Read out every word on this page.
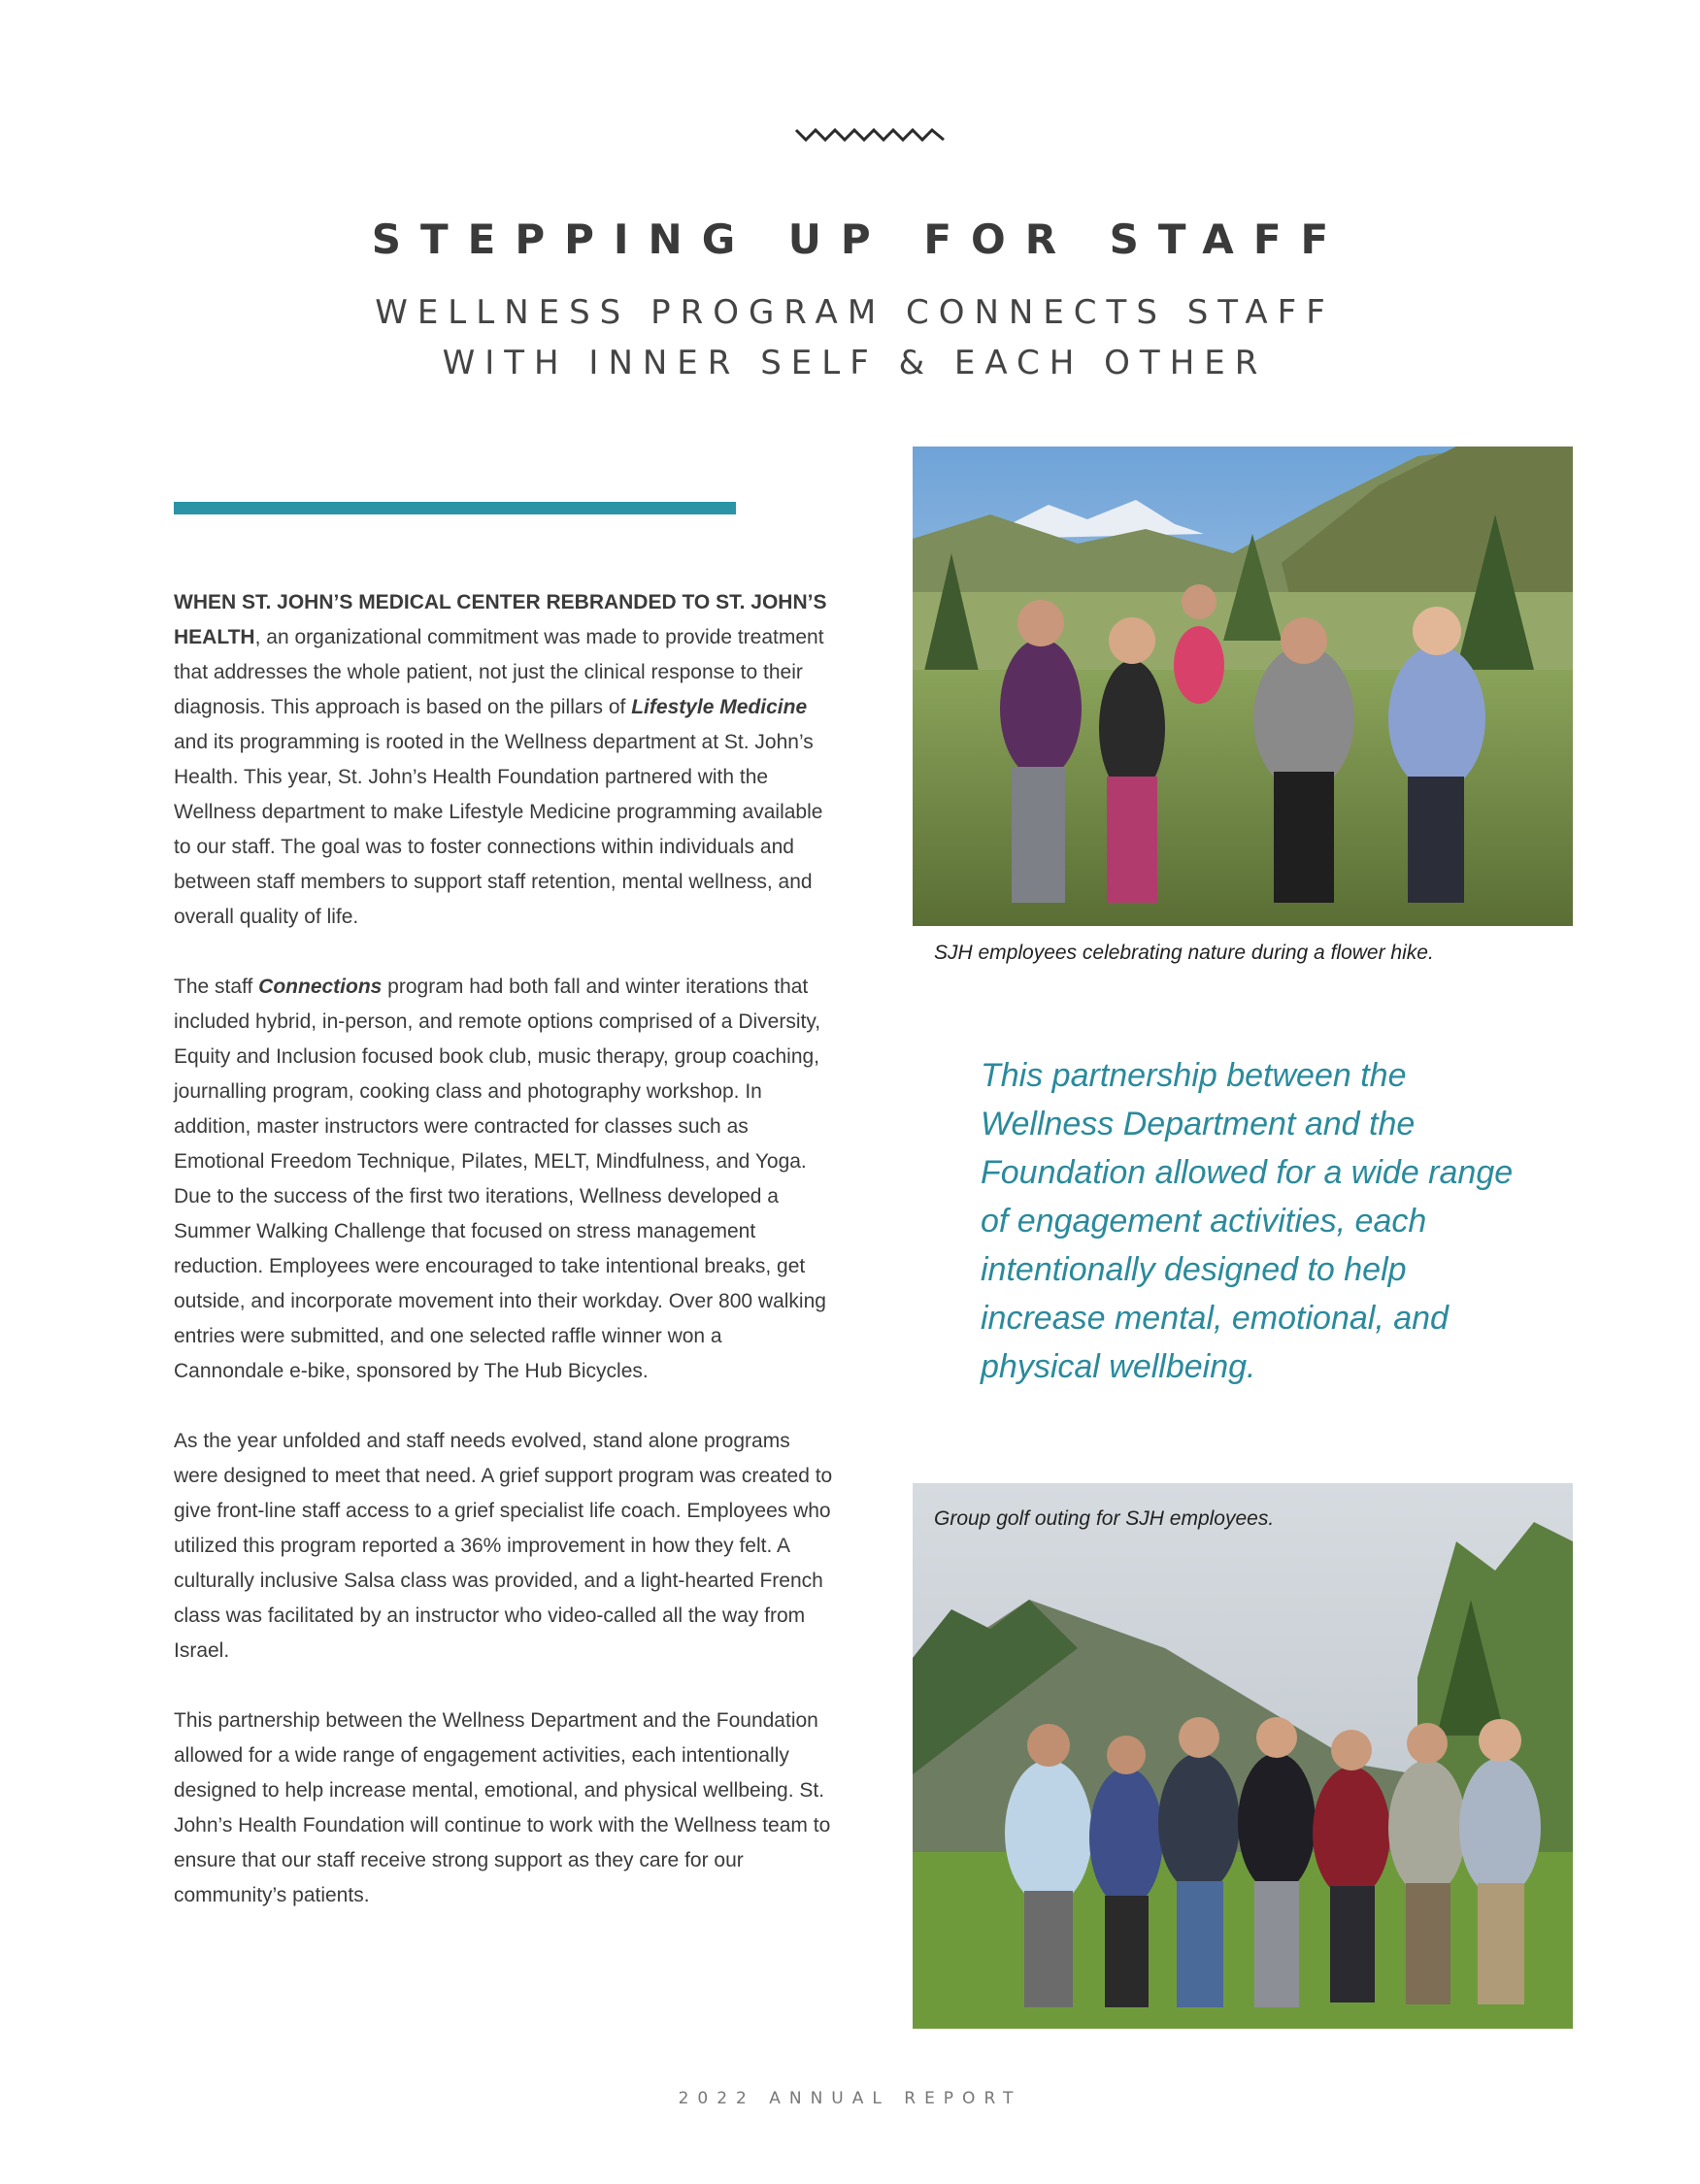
STEPPING UP FOR STAFF
WELLNESS PROGRAM CONNECTS STAFF
WITH INNER SELF & EACH OTHER

WHEN ST. JOHN’S MEDICAL CENTER REBRANDED TO ST. JOHN’S HEALTH, an organizational commitment was made to provide treatment that addresses the whole patient, not just the clinical response to their diagnosis. This approach is based on the pillars of Lifestyle Medicine and its programming is rooted in the Wellness department at St. John’s Health. This year, St. John’s Health Foundation partnered with the Wellness department to make Lifestyle Medicine programming available to our staff. The goal was to foster connections within individuals and between staff members to support staff retention, mental wellness, and overall quality of life.

The staff Connections program had both fall and winter iterations that included hybrid, in-person, and remote options comprised of a Diversity, Equity and Inclusion focused book club, music therapy, group coaching, journalling program, cooking class and photography workshop. In addition, master instructors were contracted for classes such as Emotional Freedom Technique, Pilates, MELT, Mindfulness, and Yoga. Due to the success of the first two iterations, Wellness developed a Summer Walking Challenge that focused on stress management reduction. Employees were encouraged to take intentional breaks, get outside, and incorporate movement into their workday. Over 800 walking entries were submitted, and one selected raffle winner won a Cannondale e-bike, sponsored by The Hub Bicycles.

As the year unfolded and staff needs evolved, stand alone programs were designed to meet that need. A grief support program was created to give front-line staff access to a grief specialist life coach. Employees who utilized this program reported a 36% improvement in how they felt. A culturally inclusive Salsa class was provided, and a light-hearted French class was facilitated by an instructor who video-called all the way from Israel.

This partnership between the Wellness Department and the Foundation allowed for a wide range of engagement activities, each intentionally designed to help increase mental, emotional, and physical wellbeing. St. John’s Health Foundation will continue to work with the Wellness team to ensure that our staff receive strong support as they care for our community’s patients.

SJH employees celebrating nature during a flower hike.
This partnership between the Wellness Department and the Foundation allowed for a wide range of engagement activities, each intentionally designed to help increase mental, emotional, and physical wellbeing.
Group golf outing for SJH employees.
2022 ANNUAL REPORT
